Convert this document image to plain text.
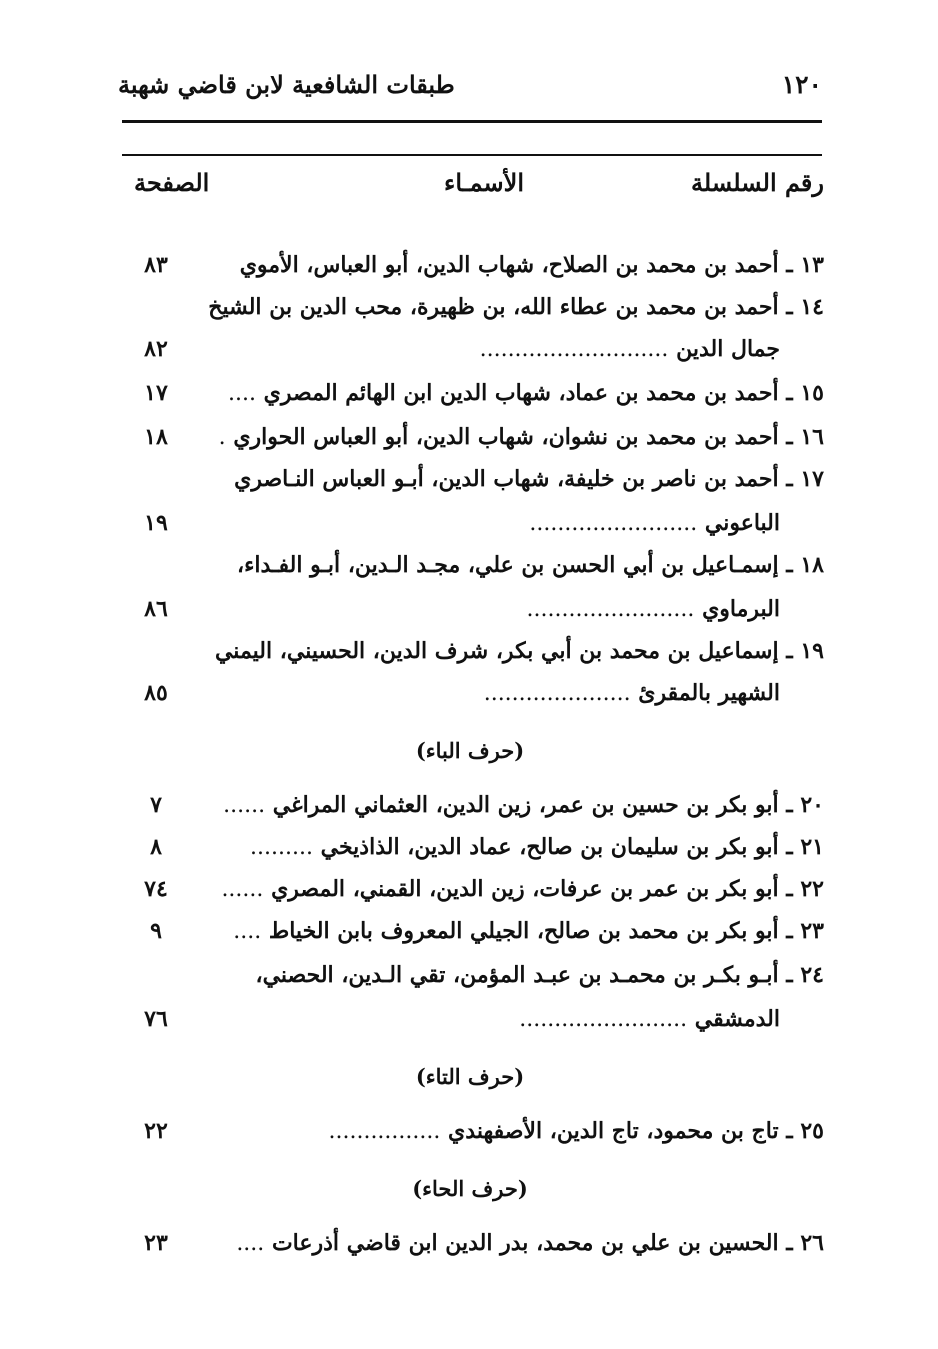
١٢٠
طبقات الشافعية لابن قاضي شهبة
رقم السلسلة
الأسمـاء
الصفحة
١٣ ـ أحمد بن محمد بن الصلاح، شهاب الدين، أبو العباس، الأموي
٨٣
١٤ ـ أحمد بن محمد بن عطاء الله، بن ظهيرة، محب الدين بن الشيخ
جمال الدين ...........................
٨٢
١٥ ـ أحمد بن محمد بن عماد، شهاب الدين ابن الهائم المصري ....
١٧
١٦ ـ أحمد بن محمد بن نشوان، شهاب الدين، أبو العباس الحواري .
١٨
١٧ ـ أحمد بن ناصر بن خليفة، شهاب الدين، أبـو العباس النـاصري
الباعوني ........................
١٩
١٨ ـ إسمـاعيل بن أبي الحسن بن علي، مجـد الـدين، أبـو الفـداء،
البرماوي ........................
٨٦
١٩ ـ إسماعيل بن محمد بن أبي بكر، شرف الدين، الحسيني، اليمني
الشهير بالمقرئ .....................
٨٥
(حرف الباء)
٢٠ ـ أبو بكر بن حسين بن عمر، زين الدين، العثماني المراغي ......
٧
٢١ ـ أبو بكر بن سليمان بن صالح، عماد الدين، الذاذيخي .........
٨
٢٢ ـ أبو بكر بن عمر بن عرفات، زين الدين، القمني، المصري ......
٧٤
٢٣ ـ أبو بكر بن محمد بن صالح، الجيلي المعروف بابن الخياط ....
٩
٢٤ ـ أبـو بكـر بن محمـد بن عبـد المؤمن، تقي الـدين، الحصني،
الدمشقي ........................
٧٦
(حرف التاء)
٢٥ ـ تاج بن محمود، تاج الدين، الأصفهندي ................
٢٢
(حرف الحاء)
٢٦ ـ الحسين بن علي بن محمد، بدر الدين ابن قاضي أذرعات ....
٢٣
